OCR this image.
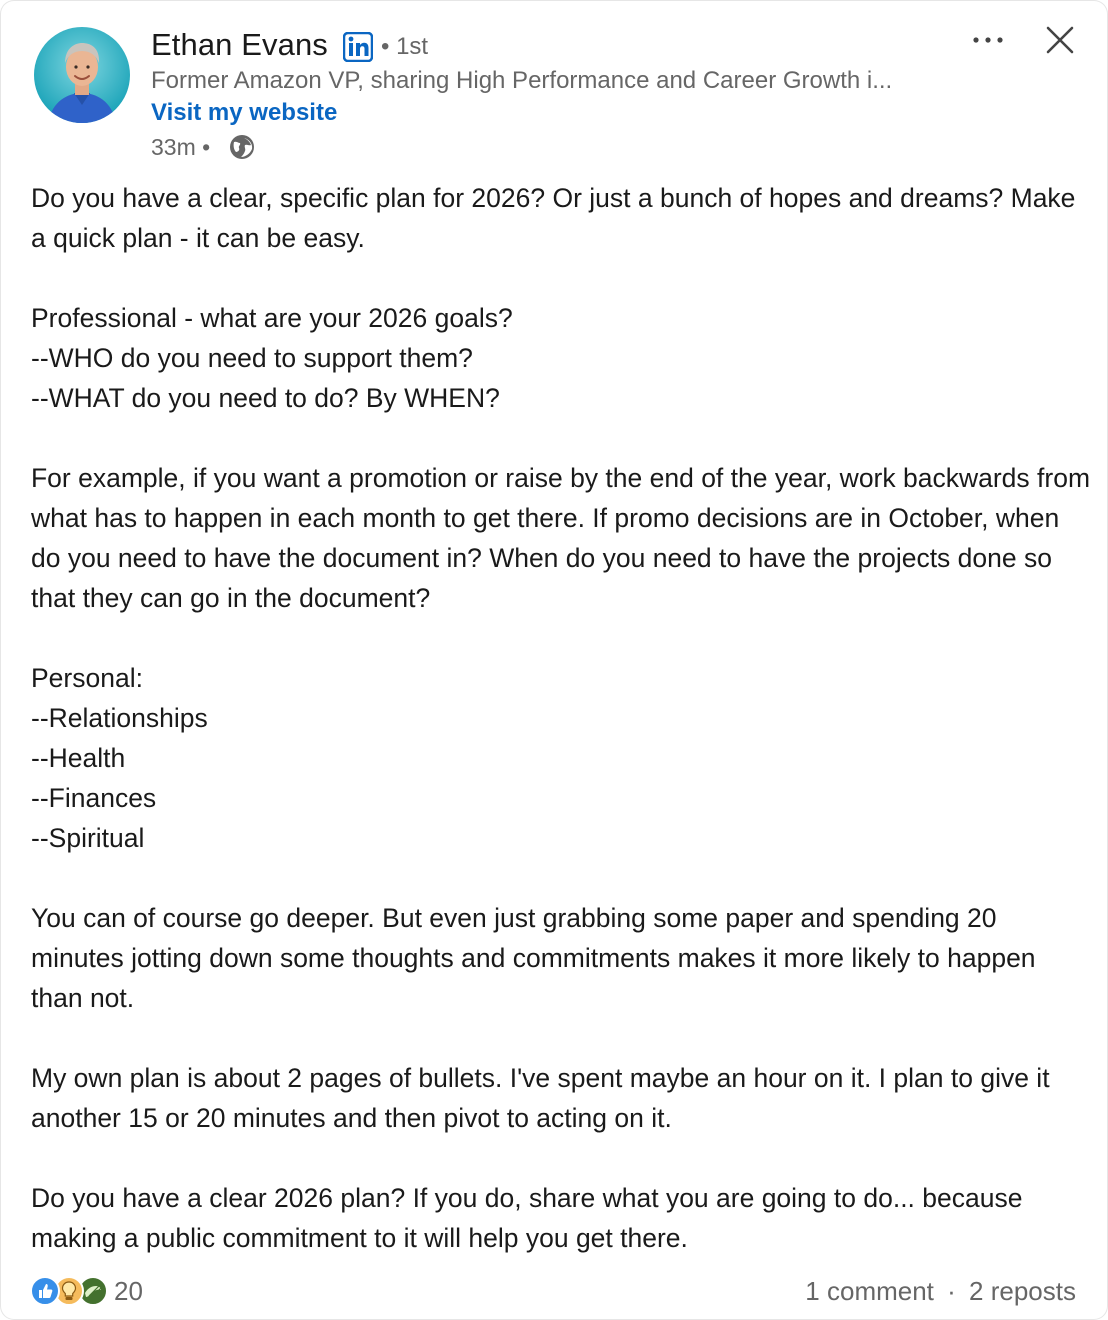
Ethan Evans • 1st
Former Amazon VP, sharing High Performance and Career Growth i...
Visit my website
33m •

Do you have a clear, specific plan for 2026? Or just a bunch of hopes and dreams? Make a quick plan - it can be easy.

Professional - what are your 2026 goals?
--WHO do you need to support them?
--WHAT do you need to do? By WHEN?

For example, if you want a promotion or raise by the end of the year, work backwards from what has to happen in each month to get there. If promo decisions are in October, when do you need to have the document in? When do you need to have the projects done so that they can go in the document?

Personal:
--Relationships
--Health
--Finances
--Spiritual

You can of course go deeper. But even just grabbing some paper and spending 20 minutes jotting down some thoughts and commitments makes it more likely to happen than not.

My own plan is about 2 pages of bullets. I've spent maybe an hour on it. I plan to give it another 15 or 20 minutes and then pivot to acting on it.

Do you have a clear 2026 plan? If you do, share what you are going to do... because making a public commitment to it will help you get there.

20	1 comment · 2 reposts
